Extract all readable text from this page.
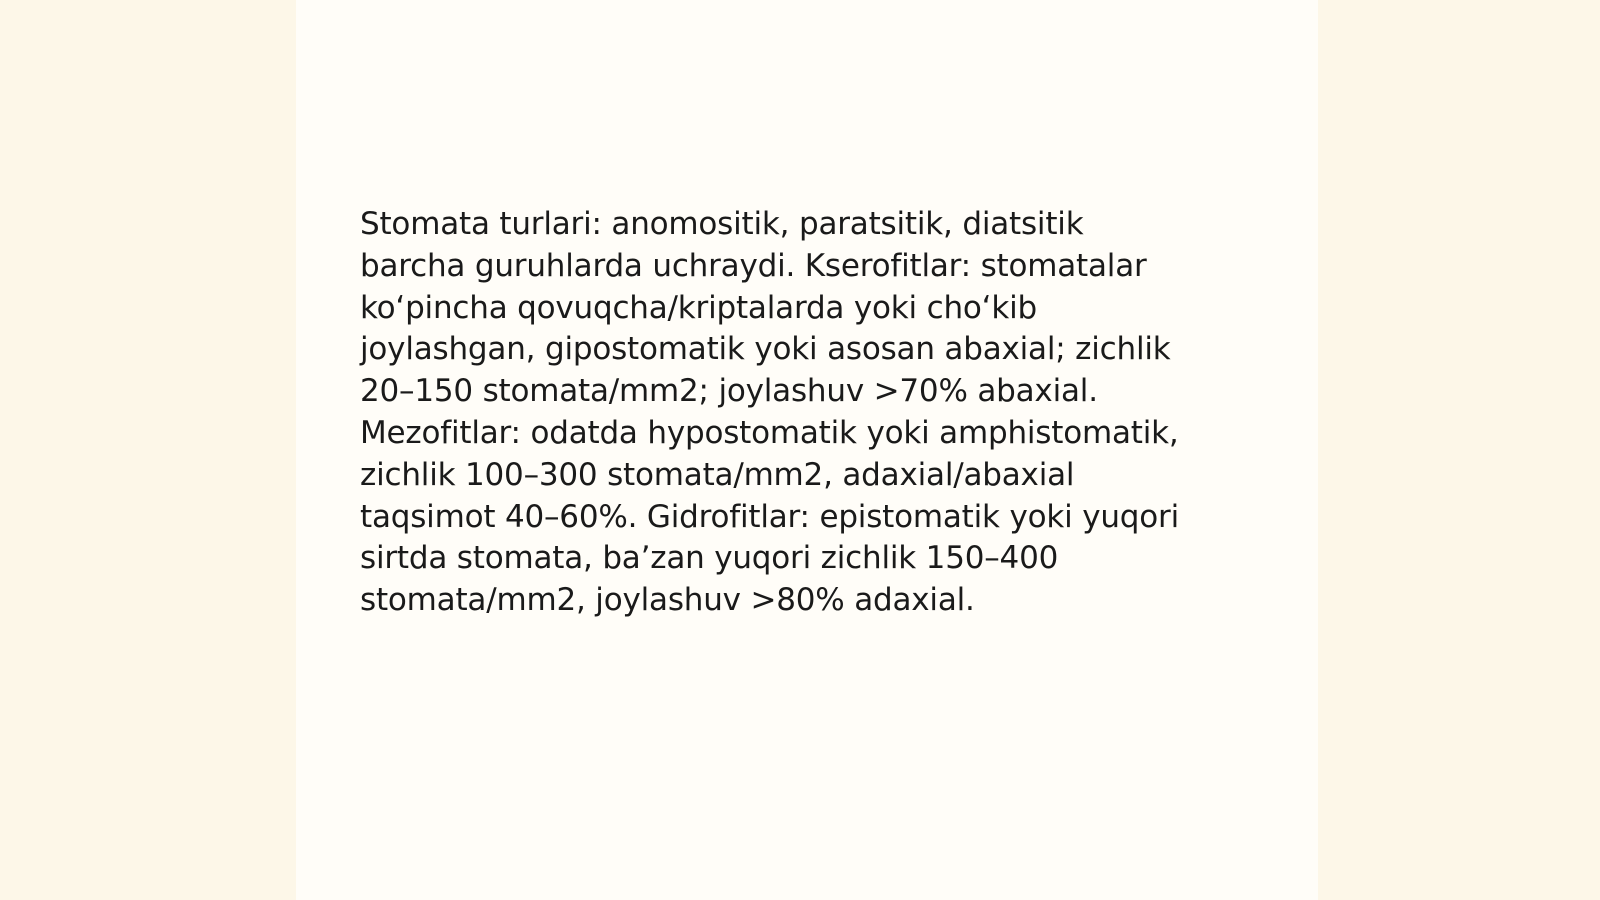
Stomata turlari: anomositik, paratsitik, diatsitik
barcha guruhlarda uchraydi. Kserofitlar: stomatalar
ko‘pincha qovuqcha/kriptalarda yoki cho‘kib
joylashgan, gipostomatik yoki asosan abaxial; zichlik
20–150 stomata/mm2; joylashuv >70% abaxial.
Mezofitlar: odatda hypostomatik yoki amphistomatik,
zichlik 100–300 stomata/mm2, adaxial/abaxial
taqsimot 40–60%. Gidrofitlar: epistomatik yoki yuqori
sirtda stomata, ba’zan yuqori zichlik 150–400
stomata/mm2, joylashuv >80% adaxial.
